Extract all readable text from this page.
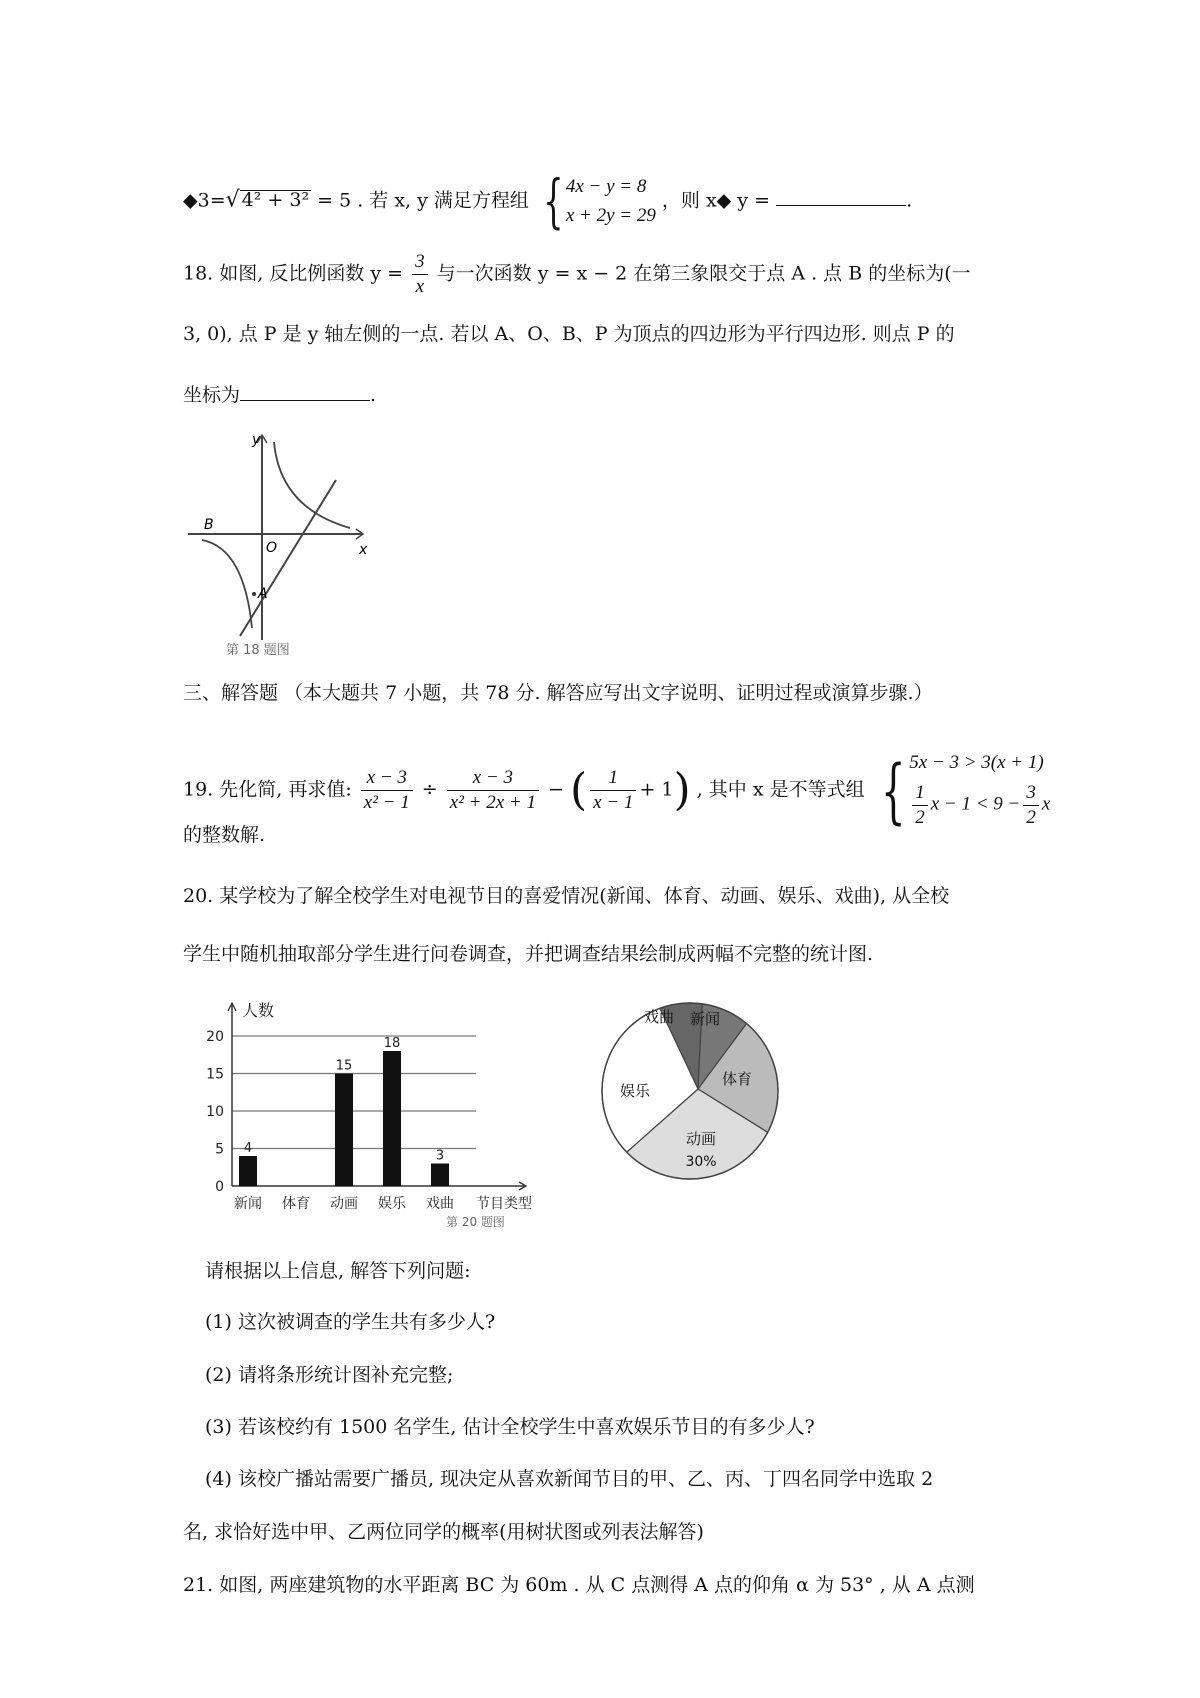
◆3=√ 4² + 3² = 5 . 若 x, y 满足方程组 { 4x − y = 8
x + 2y = 29
，则 x◆ y =	.
18. 如图, 反比例函数 $y = \frac{3}{x}$ 与一次函数 y = x − 2 在第三象限交于点 A . 点 B 的坐标为(一
3, 0), 点 P 是 y 轴左侧的一点. 若以 A、O、B、P 为顶点的四边形为平行四边形. 则点 P 的
坐标为	.
y
x
B
O
A
第 18 题图
三、解答题 （本大题共 7 小题，共 78 分. 解答应写出文字说明、证明过程或演算步骤.）
19. 先化简, 再求值: $\frac{x - 3}{\text{x² − 1}} \div \frac{x - 3}{\text{x² + 2x + 1}}$ − ( $\frac{1}{x - 1} + 1$) , 其中 x 是不等式组 { 5x − 3 > 3(x + 1)
$\frac{1}{2}$ $x - 1 < 9 - \frac{3}{2}$ x
的整数解.
20. 某学校为了解全校学生对电视节目的喜爱情况(新闻、体育、动画、娱乐、戏曲), 从全校
学生中随机抽取部分学生进行问卷调查，并把调查结果绘制成两幅不完整的统计图.
0
5
10
15
20
人数
4
新闻 体育
15
动画
18
娱乐
3
戏曲 节目类型
第 20 题图
戏曲 新闻
体育
动画
娱乐
30%
请根据以上信息, 解答下列问题:
(1) 这次被调查的学生共有多少人?
(2) 请将条形统计图补充完整;
(3) 若该校约有 1500 名学生, 估计全校学生中喜欢娱乐节目的有多少人?
(4) 该校广播站需要广播员, 现决定从喜欢新闻节目的甲、乙、丙、丁四名同学中选取 2
名, 求恰好选中甲、乙两位同学的概率(用树状图或列表法解答)
21. 如图, 两座建筑物的水平距离 BC 为 60m . 从 C 点测得 A 点的仰角 α 为 53° , 从 A 点测
